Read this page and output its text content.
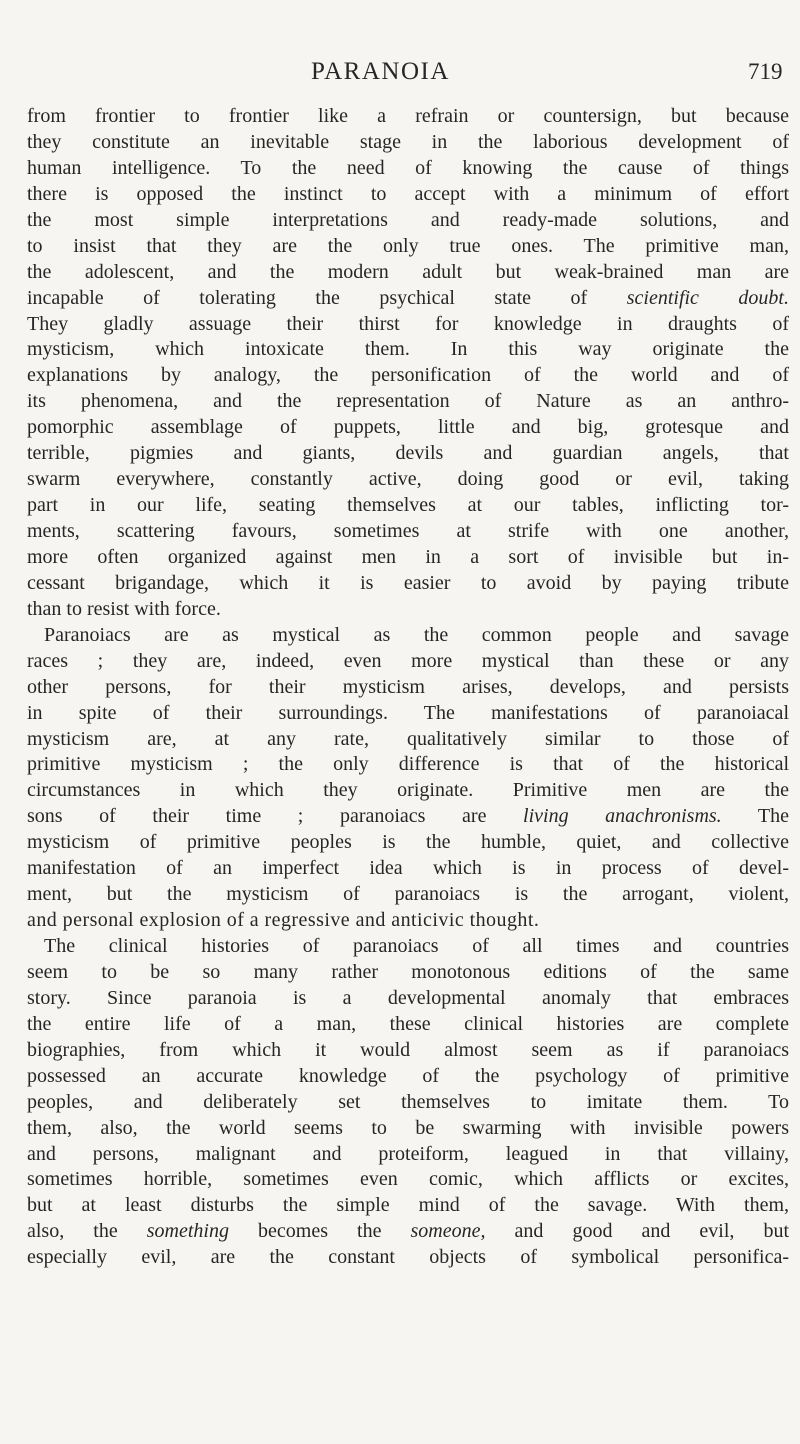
PARANOIA	719
from frontier to frontier like a refrain or countersign, but because
they constitute an inevitable stage in the laborious development of
human intelligence. To the need of knowing the cause of things
there is opposed the instinct to accept with a minimum of effort
the most simple interpretations and ready-made solutions, and
to insist that they are the only true ones. The primitive man,
the adolescent, and the modern adult but weak-brained man are
incapable of tolerating the psychical state of scientific doubt.
They gladly assuage their thirst for knowledge in draughts of
mysticism, which intoxicate them. In this way originate the
explanations by analogy, the personification of the world and of
its phenomena, and the representation of Nature as an anthro-
pomorphic assemblage of puppets, little and big, grotesque and
terrible, pigmies and giants, devils and guardian angels, that
swarm everywhere, constantly active, doing good or evil, taking
part in our life, seating themselves at our tables, inflicting tor-
ments, scattering favours, sometimes at strife with one another,
more often organized against men in a sort of invisible but in-
cessant brigandage, which it is easier to avoid by paying tribute
than to resist with force.
Paranoiacs are as mystical as the common people and savage
races ; they are, indeed, even more mystical than these or any
other persons, for their mysticism arises, develops, and persists
in spite of their surroundings. The manifestations of paranoiacal
mysticism are, at any rate, qualitatively similar to those of
primitive mysticism ; the only difference is that of the historical
circumstances in which they originate. Primitive men are the
sons of their time ; paranoiacs are living anachronisms. The
mysticism of primitive peoples is the humble, quiet, and collective
manifestation of an imperfect idea which is in process of devel-
ment, but the mysticism of paranoiacs is the arrogant, violent,
and personal explosion of a regressive and anticivic thought.
The clinical histories of paranoiacs of all times and countries
seem to be so many rather monotonous editions of the same
story. Since paranoia is a developmental anomaly that embraces
the entire life of a man, these clinical histories are complete
biographies, from which it would almost seem as if paranoiacs
possessed an accurate knowledge of the psychology of primitive
peoples, and deliberately set themselves to imitate them. To
them, also, the world seems to be swarming with invisible powers
and persons, malignant and proteiform, leagued in that villainy,
sometimes horrible, sometimes even comic, which afflicts or excites,
but at least disturbs the simple mind of the savage. With them,
also, the something becomes the someone, and good and evil, but
especially evil, are the constant objects of symbolical personifica-
